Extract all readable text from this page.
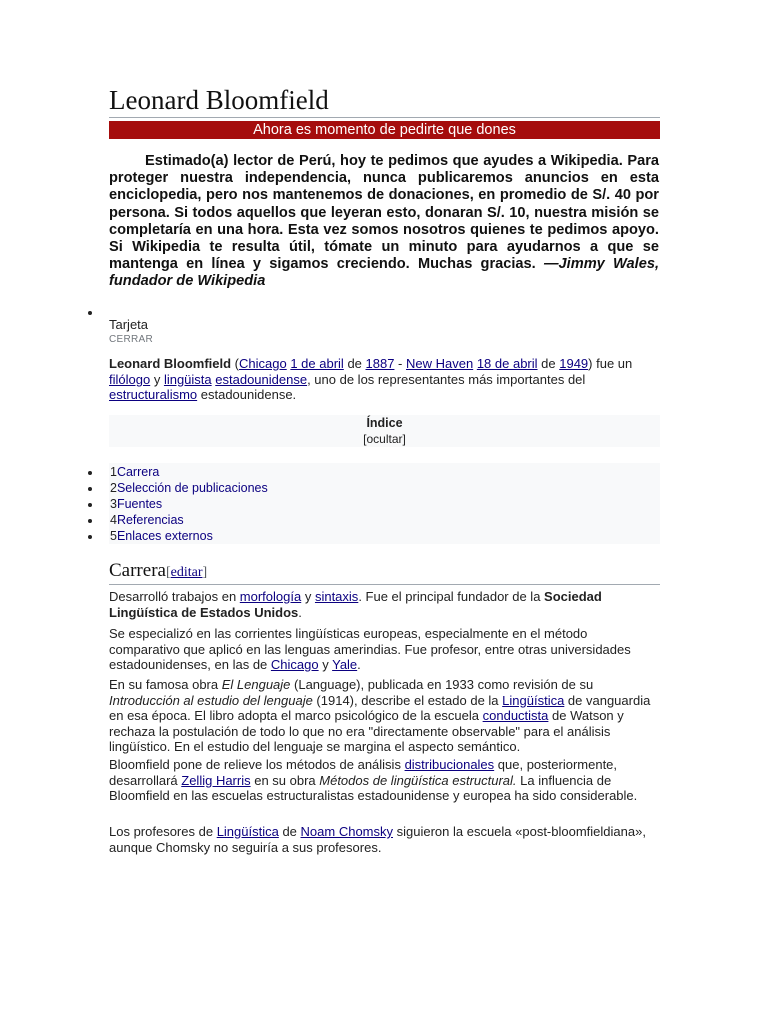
Leonard Bloomfield
Ahora es momento de pedirte que dones
Estimado(a) lector de Perú, hoy te pedimos que ayudes a Wikipedia. Para proteger nuestra independencia, nunca publicaremos anuncios en esta enciclopedia, pero nos mantenemos de donaciones, en promedio de S/. 40 por persona. Si todos aquellos que leyeran esto, donaran S/. 10, nuestra misión se completaría en una hora. Esta vez somos nosotros quienes te pedimos apoyo. Si Wikipedia te resulta útil, tómate un minuto para ayudarnos a que se mantenga en línea y sigamos creciendo. Muchas gracias. —Jimmy Wales, fundador de Wikipedia
Tarjeta
CERRAR
Leonard Bloomfield (Chicago 1 de abril de 1887 - New Haven 18 de abril de 1949) fue un filólogo y lingüista estadounidense, uno de los representantes más importantes del estructuralismo estadounidense.
Índice
[ocultar]
1Carrera
2Selección de publicaciones
3Fuentes
4Referencias
5Enlaces externos
Carrera[editar]
Desarrolló trabajos en morfología y sintaxis. Fue el principal fundador de la Sociedad Lingüística de Estados Unidos.
Se especializó en las corrientes lingüísticas europeas, especialmente en el método comparativo que aplicó en las lenguas amerindias. Fue profesor, entre otras universidades estadounidenses, en las de Chicago y Yale.
En su famosa obra El Lenguaje (Language), publicada en 1933 como revisión de su Introducción al estudio del lenguaje (1914), describe el estado de la Lingüística de vanguardia en esa época. El libro adopta el marco psicológico de la escuela conductista de Watson y rechaza la postulación de todo lo que no era "directamente observable" para el análisis lingüístico. En el estudio del lenguaje se margina el aspecto semántico.
Bloomfield pone de relieve los métodos de análisis distribucionales que, posteriormente, desarrollará Zellig Harris en su obra Métodos de lingüística estructural. La influencia de Bloomfield en las escuelas estructuralistas estadounidense y europea ha sido considerable.
Los profesores de Lingüística de Noam Chomsky siguieron la escuela «post-bloomfieldiana», aunque Chomsky no seguiría a sus profesores.
